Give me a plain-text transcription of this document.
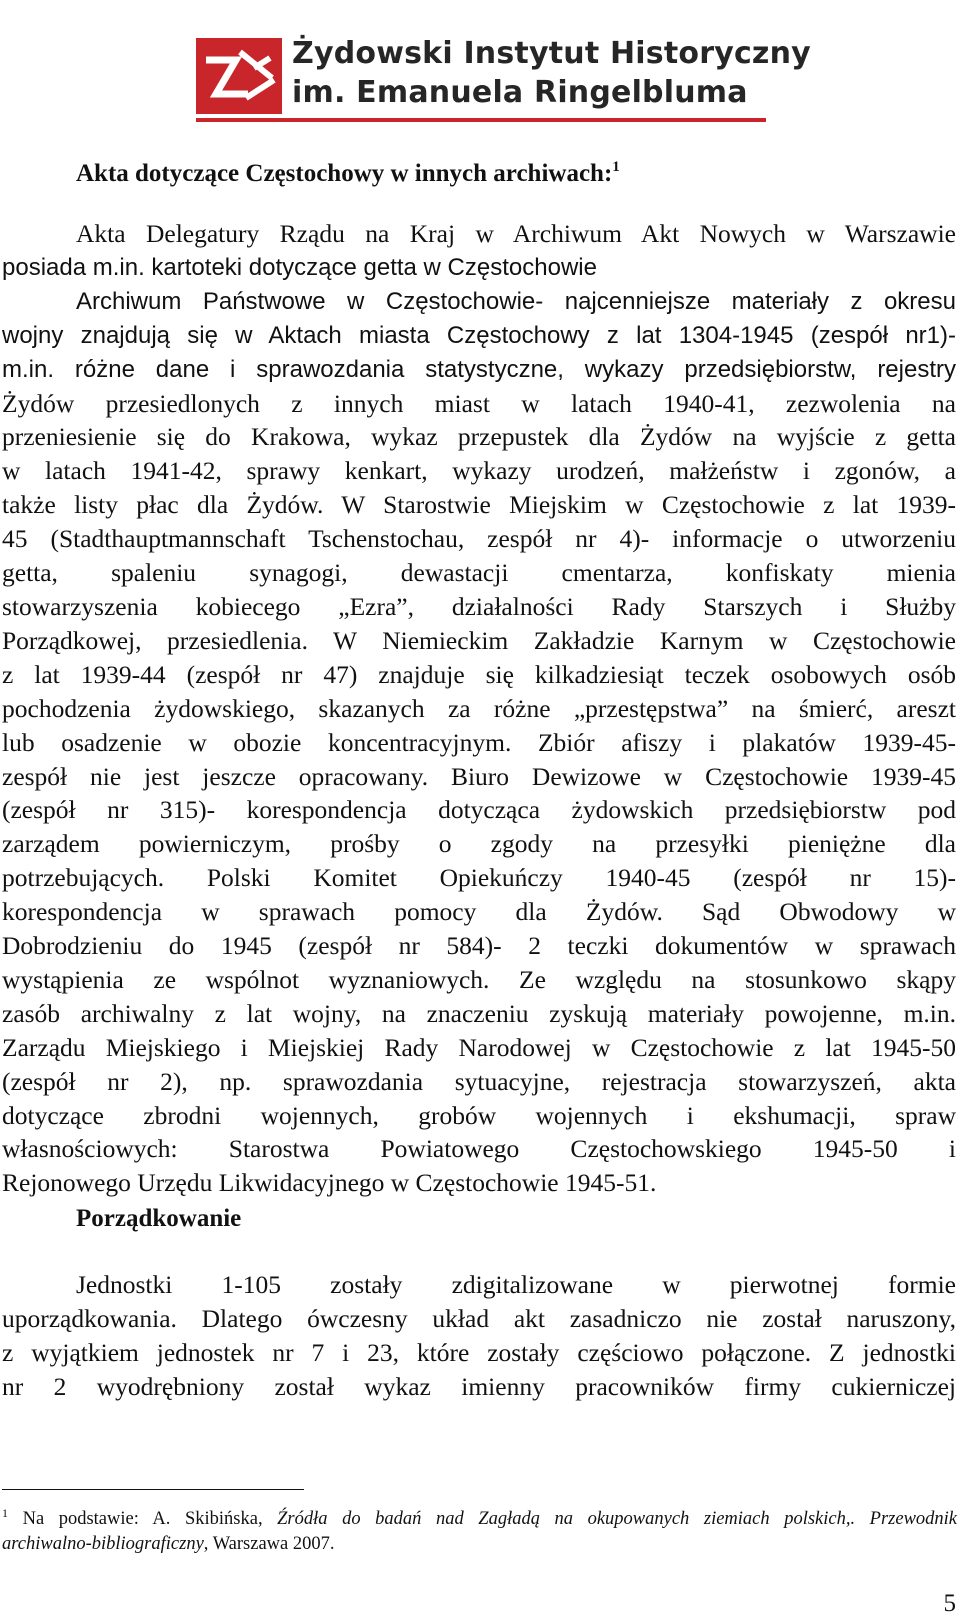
Żydowski Instytut Historyczny
im. Emanuela Ringelbluma
Akta dotyczące Częstochowy w innych archiwach:$^1$
Akta Delegatury Rządu na Kraj w Archiwum Akt Nowych w Warszawie
posiada m.in. kartoteki dotyczące getta w Częstochowie
Archiwum Państwowe w Częstochowie- najcenniejsze materiały z okresu
wojny znajdują się w Aktach miasta Częstochowy z lat 1304-1945 (zespół nr1)-
m.in. różne dane i sprawozdania statystyczne, wykazy przedsiębiorstw, rejestry
Żydów przesiedlonych z innych miast w latach 1940-41, zezwolenia na
przeniesienie się do Krakowa, wykaz przepustek dla Żydów na wyjście z getta
w latach 1941-42, sprawy kenkart, wykazy urodzeń, małżeństw i zgonów, a
także listy płac dla Żydów. W Starostwie Miejskim w Częstochowie z lat 1939-
45 (Stadthauptmannschaft Tschenstochau, zespół nr 4)- informacje o utworzeniu
getta, spaleniu synagogi, dewastacji cmentarza, konfiskaty mienia
stowarzyszenia kobiecego „Ezra”, działalności Rady Starszych i Służby
Porządkowej, przesiedlenia. W Niemieckim Zakładzie Karnym w Częstochowie
z lat 1939-44 (zespół nr 47) znajduje się kilkadziesiąt teczek osobowych osób
pochodzenia żydowskiego, skazanych za różne „przestępstwa” na śmierć, areszt
lub osadzenie w obozie koncentracyjnym. Zbiór afiszy i plakatów 1939-45-
zespół nie jest jeszcze opracowany. Biuro Dewizowe w Częstochowie 1939-45
(zespół nr 315)- korespondencja dotycząca żydowskich przedsiębiorstw pod
zarządem powierniczym, prośby o zgody na przesyłki pieniężne dla
potrzebujących. Polski Komitet Opiekuńczy 1940-45 (zespół nr 15)-
korespondencja w sprawach pomocy dla Żydów. Sąd Obwodowy w
Dobrodzieniu do 1945 (zespół nr 584)- 2 teczki dokumentów w sprawach
wystąpienia ze wspólnot wyznaniowych. Ze względu na stosunkowo skąpy
zasób archiwalny z lat wojny, na znaczeniu zyskują materiały powojenne, m.in.
Zarządu Miejskiego i Miejskiej Rady Narodowej w Częstochowie z lat 1945-50
(zespół nr 2), np. sprawozdania sytuacyjne, rejestracja stowarzyszeń, akta
dotyczące zbrodni wojennych, grobów wojennych i ekshumacji, spraw
własnościowych: Starostwa Powiatowego Częstochowskiego 1945-50 i
Rejonowego Urzędu Likwidacyjnego w Częstochowie 1945-51.
Porządkowanie
Jednostki 1-105 zostały zdigitalizowane w pierwotnej formie
uporządkowania. Dlatego ówczesny układ akt zasadniczo nie został naruszony,
z wyjątkiem jednostek nr 7 i 23, które zostały częściowo połączone. Z jednostki
nr 2 wyodrębniony został wykaz imienny pracowników firmy cukierniczej
$^1$ Na podstawie: A. Skibińska, Źródła do badań nad Zagładą na okupowanych ziemiach polskich,. Przewodnik
archiwalno-bibliograficzny, Warszawa 2007.
5
